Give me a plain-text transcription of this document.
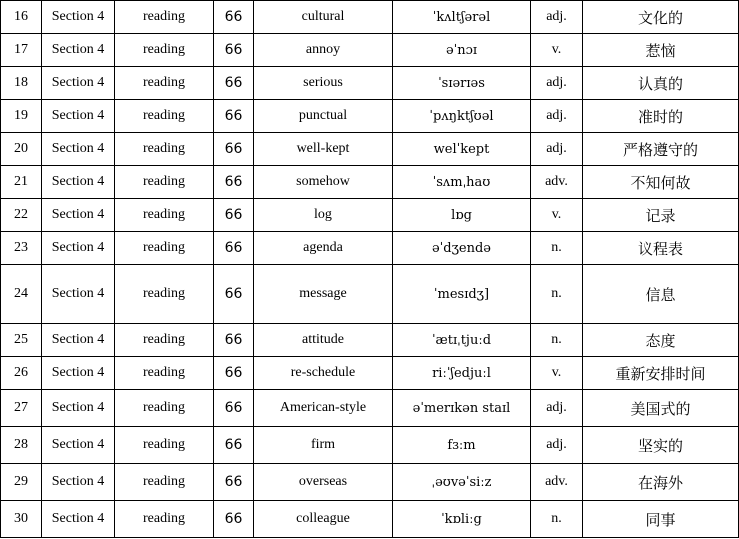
16	Section 4	reading	66	cultural	ˈkʌltʃərəl	adj.	文化的
17	Section 4	reading	66	annoy	əˈnɔɪ	v.	惹恼
18	Section 4	reading	66	serious	ˈsɪərɪəs	adj.	认真的
19	Section 4	reading	66	punctual	ˈpʌŋktʃʊəl	adj.	准时的
20	Section 4	reading	66	well-kept	welˈkept	adj.	严格遵守的
21	Section 4	reading	66	somehow	ˈsʌmˌhaʊ	adv.	不知何故
22	Section 4	reading	66	log	lɒg	v.	记录
23	Section 4	reading	66	agenda	əˈdʒendə	n.	议程表
24	Section 4	reading	66	message	ˈmesɪdʒ]	n.	信息
25	Section 4	reading	66	attitude	ˈætɪˌtjuːd	n.	态度
26	Section 4	reading	66	re-schedule	riːˈʃedjuːl	v.	重新安排时间
27	Section 4	reading	66	American-style	əˈmerɪkən staɪl	adj.	美国式的
28	Section 4	reading	66	firm	fɜːm	adj.	坚实的
29	Section 4	reading	66	overseas	ˌəʊvəˈsiːz	adv.	在海外
30	Section 4	reading	66	colleague	ˈkɒliːg	n.	同事
